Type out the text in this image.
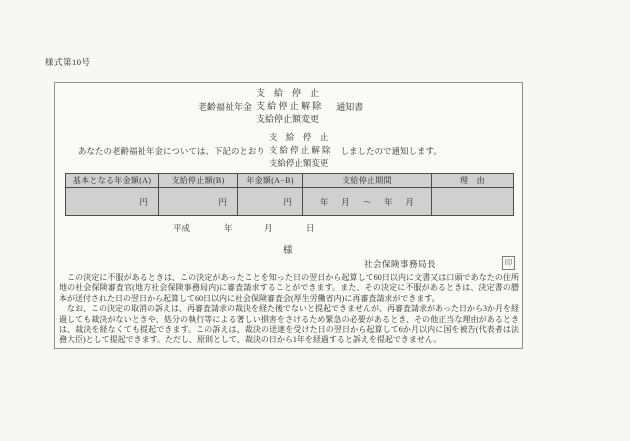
様式第10号
老齢福祉年金
支　給　停　止
支 給 停 止 解 除
支給停止額変更
通知書
あなたの老齢福祉年金については、下記のとおり
支　給　停　止
支 給 停 止 解 除
支給停止額変更
しましたので通知します。
基本となる年金額(A)	支給停止額(B)	年金額(A−B)	支給停止期間	理　由
円	円	円	年 月 ～ 年 月	

平成	年	月	日
様
社会保険事務局長	印

　この決定に不服があるときは、この決定があったことを知った日の翌日から起算して60日以内に文書又は口頭であなたの住所地の社会保険審査官(地方社会保険事務局内)に審査請求することができます。また、その決定に不服があるときは、決定書の謄本が送付された日の翌日から起算して60日以内に社会保険審査会(厚生労働省内)に再審査請求ができます。

　なお、この決定の取消の訴えは、再審査請求の裁決を経た後でないと提起できませんが、再審査請求があった日から3か月を経過しても裁決がないときや、処分の執行等による著しい損害をさけるため緊急の必要があるとき、その他正当な理由があるときは、裁決を経なくても提起できます。この訴えは、裁決の送達を受けた日の翌日から起算して6か月以内に国を被告(代表者は法務大臣)として提起できます。ただし、原則として、裁決の日から1年を経過すると訴えを提起できません。
